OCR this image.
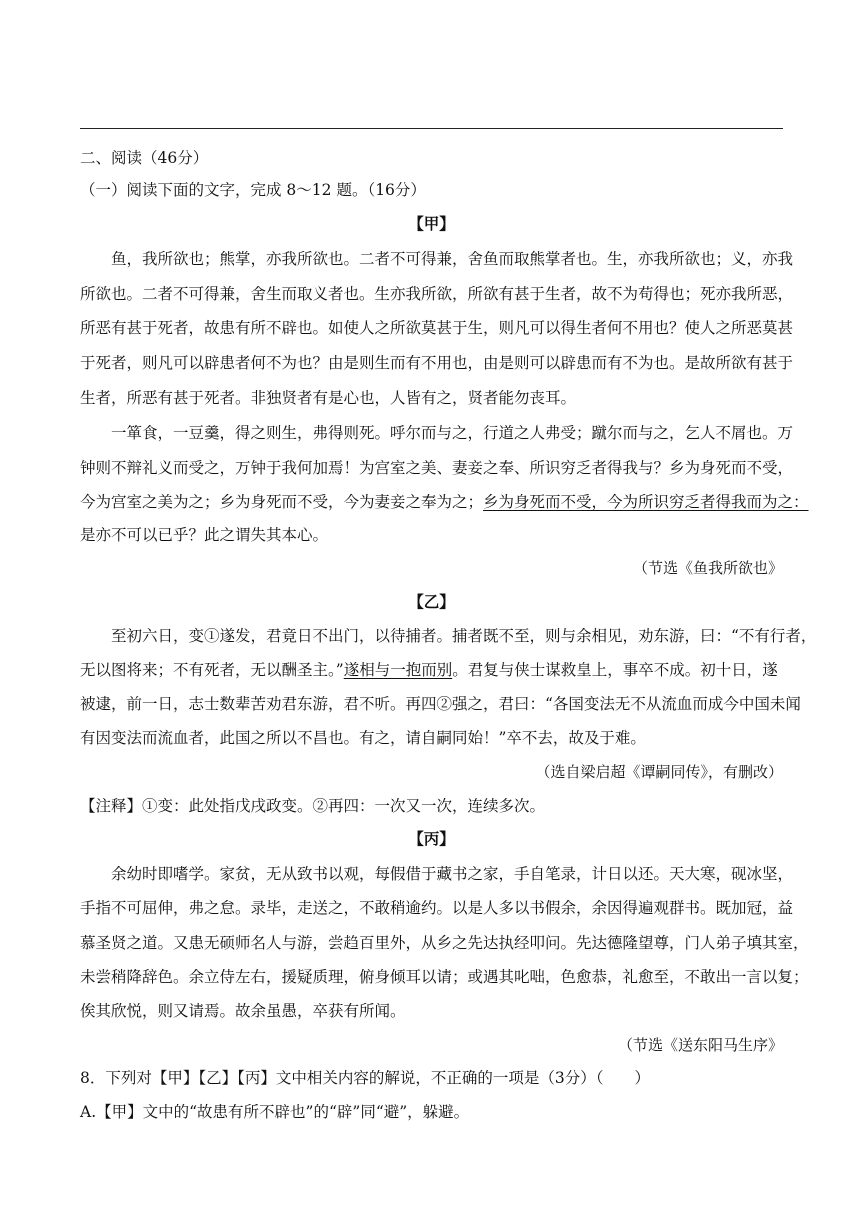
二、阅读（46分）
（一）阅读下面的文字，完成 8～12 题。（16分）
【甲】
　　鱼，我所欲也；熊掌，亦我所欲也。二者不可得兼，舍鱼而取熊掌者也。生，亦我所欲也；义，亦我
所欲也。二者不可得兼，舍生而取义者也。生亦我所欲，所欲有甚于生者，故不为苟得也；死亦我所恶，
所恶有甚于死者，故患有所不辟也。如使人之所欲莫甚于生，则凡可以得生者何不用也？使人之所恶莫甚
于死者，则凡可以辟患者何不为也？由是则生而有不用也，由是则可以辟患而有不为也。是故所欲有甚于
生者，所恶有甚于死者。非独贤者有是心也，人皆有之，贤者能勿丧耳。
　　一箪食，一豆羹，得之则生，弗得则死。呼尔而与之，行道之人弗受；蹴尔而与之，乞人不屑也。万
钟则不辩礼义而受之，万钟于我何加焉！为宫室之美、妻妾之奉、所识穷乏者得我与？乡为身死而不受，
今为宫室之美为之；乡为身死而不受，今为妻妾之奉为之；乡为身死而不受，今为所识穷乏者得我而为之：
是亦不可以已乎？此之谓失其本心。
（节选《鱼我所欲也》
【乙】
　　至初六日，变①遂发，君竟日不出门，以待捕者。捕者既不至，则与余相见，劝东游，曰：“不有行者，
无以图将来；不有死者，无以酬圣主。”遂相与一抱而别。君复与侠士谋救皇上，事卒不成。初十日，遂
被逮，前一日，志士数辈苦劝君东游，君不听。再四②强之，君曰：“各国变法无不从流血而成今中国未闻
有因变法而流血者，此国之所以不昌也。有之，请自嗣同始！”卒不去，故及于难。
（选自梁启超《谭嗣同传》，有删改）
【注释】①变：此处指戊戌政变。②再四：一次又一次，连续多次。
【丙】
　　余幼时即嗜学。家贫，无从致书以观，每假借于藏书之家，手自笔录，计日以还。天大寒，砚冰坚，
手指不可屈伸，弗之怠。录毕，走送之，不敢稍逾约。以是人多以书假余，余因得遍观群书。既加冠，益
慕圣贤之道。又患无硕师名人与游，尝趋百里外，从乡之先达执经叩问。先达德隆望尊，门人弟子填其室，
未尝稍降辞色。余立侍左右，援疑质理，俯身倾耳以请；或遇其叱咄，色愈恭，礼愈至，不敢出一言以复；
俟其欣悦，则又请焉。故余虽愚，卒获有所闻。
（节选《送东阳马生序》
8．下列对【甲】【乙】【丙】文中相关内容的解说，不正确的一项是（3分）（　　）
A.【甲】文中的“故患有所不辟也”的“辟”同“避”，躲避。
